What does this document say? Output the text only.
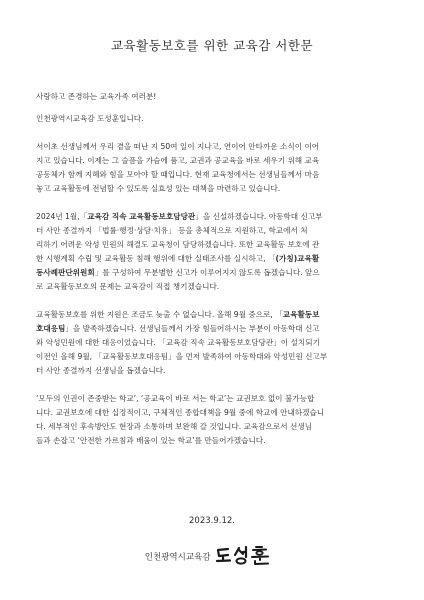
교육활동보호를 위한 교육감 서한문

사랑하고 존경하는 교육가족 여러분!

인천광역시교육감 도성훈입니다.

서이초 선생님께서 우리 곁을 떠난 지 50여 일이 지나고, 연이어 안타까운 소식이 이어

지고 있습니다. 이제는 그 슬픔을 가슴에 품고, 교권과 공교육을 바로 세우기 위해 교육

공동체가 함께 지혜와 힘을 모아야 할 때입니다. 현재 교육청에서는 선생님들께서 마음

놓고 교육활동에 전념할 수 있도록 실효성 있는 대책을 마련하고 있습니다.

2024년 1월,「교육감 직속 교육활동보호담당관」을 신설하겠습니다. 아동학대 신고부

터 사안 종결까지 「법률·행정·상담·치유」 등을 총체적으로 지원하고, 학교에서 처

리하기 어려운 악성 민원의 해결도 교육청이 담당하겠습니다. 또한 교육활동 보호에 관

한 시행계획 수립 및 교육활동 침해 행위에 대한 실태조사를 실시하고, 「(가칭)교육활

동사례판단위원회」를 구성하여 무분별한 신고가 이루어지지 않도록 돕겠습니다. 앞으

로 교육활동보호의 문제는 교육감이 직접 챙기겠습니다.

교육활동보호를 위한 지원은 조금도 늦출 수 없습니다. 올해 9월 중으로, 「교육활동보

호대응팀」을 발족하겠습니다. 선생님들께서 가장 힘들어하시는 부분이 아동학대 신고

와 악성민원에 대한 대응이었습니다. 「교육감 직속 교육활동보호담당관」이 설치되기

이전인 올해 9월, 「교육활동보호대응팀」을 먼저 발족하여 아동학대와 악성민원 신고부

터 사안 종결까지 선생님을 돕겠습니다.

‘모두의 인권이 존중받는 학교’, ‘공교육이 바로 서는 학교’는 교권보호 없이 불가능합

니다. 교권보호에 대한 십정적이고, 구체적인 종합대책을 9월 중에 학교에 안내하겠습니

다. 세부적인 후속방안도 현장과 소통하며 보완해 갈 것입니다. 교육감으로서 선생님

들과 손잡고 ‘안전한 가르침과 배움이 있는 학교’를 만들어가겠습니다.

2023.9.12.
인천광역시교육감
